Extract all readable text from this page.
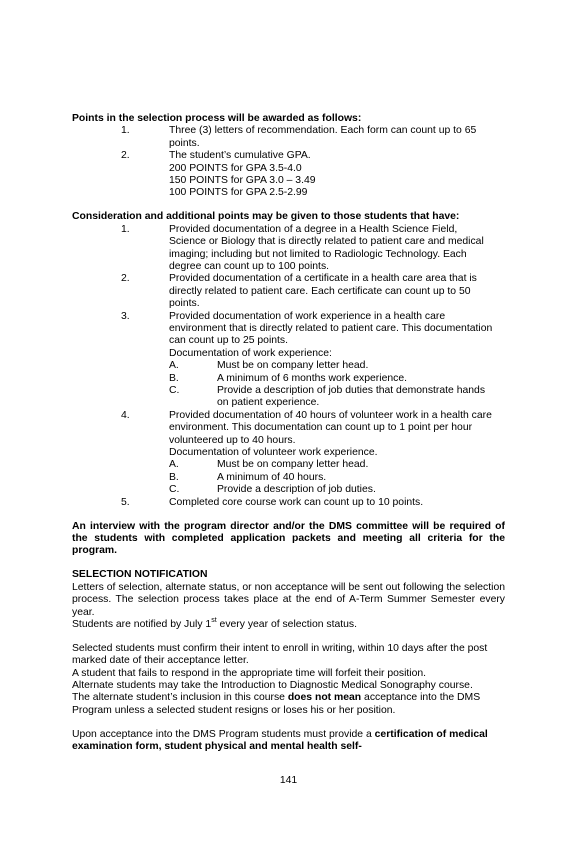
Points in the selection process will be awarded as follows:

1.	Three (3) letters of recommendation. Each form can count up to 65
points.
2.	The student’s cumulative GPA.
200 POINTS for GPA 3.5-4.0
150 POINTS for GPA 3.0 – 3.49
100 POINTS for GPA 2.5-2.99

Consideration and additional points may be given to those students that have:

1.	Provided documentation of a degree in a Health Science Field,
Science or Biology that is directly related to patient care and medical
imaging; including but not limited to Radiologic Technology. Each
degree can count up to 100 points.
2.	Provided documentation of a certificate in a health care area that is
directly related to patient care. Each certificate can count up to 50
points.
3.	Provided documentation of work experience in a health care
environment that is directly related to patient care. This documentation
can count up to 25 points.
Documentation of work experience:
A.	Must be on company letter head.
B.	A minimum of 6 months work experience.
C.	Provide a description of job duties that demonstrate hands
on patient experience.
4.	Provided documentation of 40 hours of volunteer work in a health care
environment. This documentation can count up to 1 point per hour
volunteered up to 40 hours.
Documentation of volunteer work experience.
A.	Must be on company letter head.
B.	A minimum of 40 hours.
C.	Provide a description of job duties.
5.	Completed core course work can count up to 10 points.

An interview with the program director and/or the DMS committee will be required of the students with completed application packets and meeting all criteria for the program.

SELECTION NOTIFICATION

Letters of selection, alternate status, or non acceptance will be sent out following the selection process. The selection process takes place at the end of A-Term Summer Semester every year.

Students are notified by July 1st every year of selection status.

Selected students must confirm their intent to enroll in writing, within 10 days after the post marked date of their acceptance letter.

A student that fails to respond in the appropriate time will forfeit their position.

Alternate students may take the Introduction to Diagnostic Medical Sonography course.

The alternate student’s inclusion in this course does not mean acceptance into the DMS Program unless a selected student resigns or loses his or her position.

Upon acceptance into the DMS Program students must provide a certification of medical examination form, student physical and mental health self-

141
